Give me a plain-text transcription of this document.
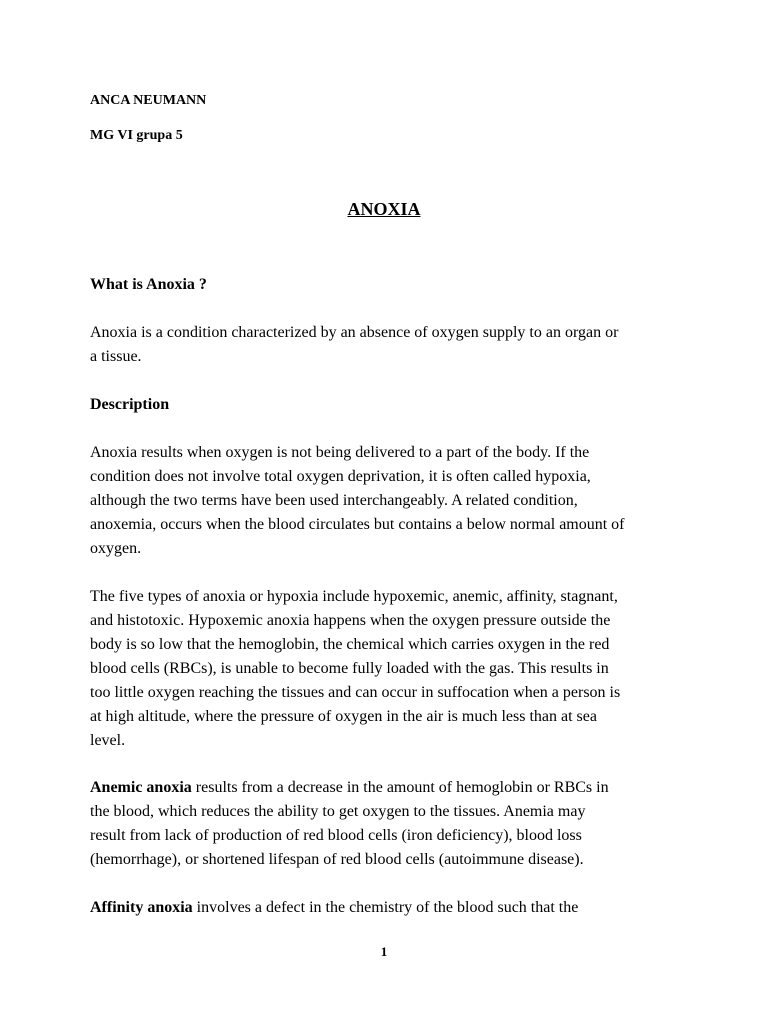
ANCA NEUMANN
MG VI grupa 5
ANOXIA
What is Anoxia ?
Anoxia is a condition characterized by an absence of oxygen supply to an organ or
a tissue.
Description
Anoxia results when oxygen is not being delivered to a part of the body. If the
condition does not involve total oxygen deprivation, it is often called hypoxia,
although the two terms have been used interchangeably. A related condition,
anoxemia, occurs when the blood circulates but contains a below normal amount of
oxygen.
The five types of anoxia or hypoxia include hypoxemic, anemic, affinity, stagnant,
and histotoxic. Hypoxemic anoxia happens when the oxygen pressure outside the
body is so low that the hemoglobin, the chemical which carries oxygen in the red
blood cells (RBCs), is unable to become fully loaded with the gas. This results in
too little oxygen reaching the tissues and can occur in suffocation when a person is
at high altitude, where the pressure of oxygen in the air is much less than at sea
level.
Anemic anoxia results from a decrease in the amount of hemoglobin or RBCs in
the blood, which reduces the ability to get oxygen to the tissues. Anemia may
result from lack of production of red blood cells (iron deficiency), blood loss
(hemorrhage), or shortened lifespan of red blood cells (autoimmune disease).
Affinity anoxia involves a defect in the chemistry of the blood such that the
1
